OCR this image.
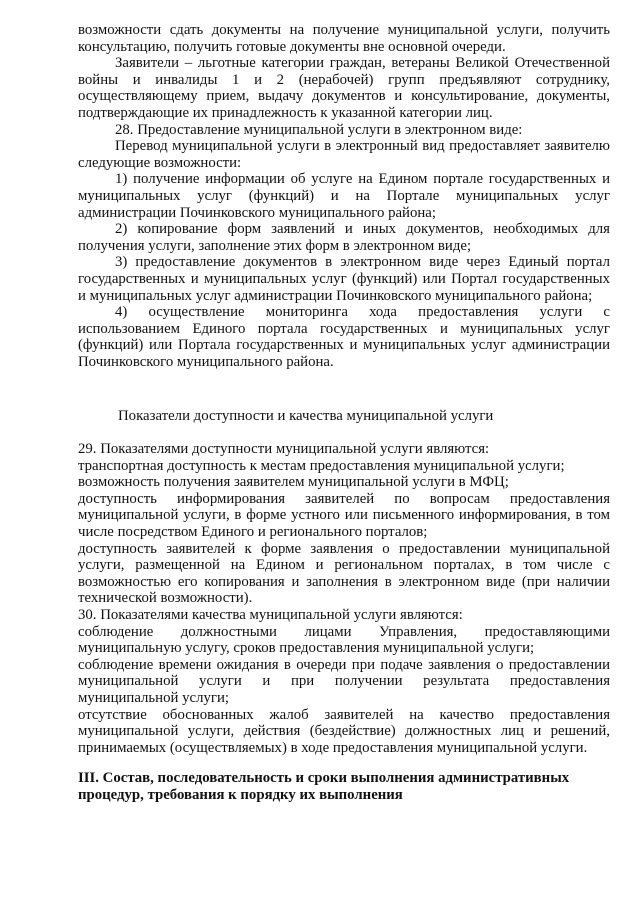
возможности сдать документы на получение муниципальной услуги, получить консультацию, получить готовые документы вне основной очереди.

Заявители – льготные категории граждан, ветераны Великой Отечественной войны и инвалиды 1 и 2 (нерабочей) групп предъявляют сотруднику, осуществляющему прием, выдачу документов и консультирование, документы, подтверждающие их принадлежность к указанной категории лиц.

28. Предоставление муниципальной услуги в электронном виде:

Перевод муниципальной услуги в электронный вид предоставляет заявителю следующие возможности:

1) получение информации об услуге на Едином портале государственных и муниципальных услуг (функций) и на Портале муниципальных услуг администрации Починковского муниципального района;

2) копирование форм заявлений и иных документов, необходимых для получения услуги, заполнение этих форм в электронном виде;

3) предоставление документов в электронном виде через Единый портал государственных и муниципальных услуг (функций) или Портал государственных и муниципальных услуг администрации Починковского муниципального района;

4) осуществление мониторинга хода предоставления услуги с использованием Единого портала государственных и муниципальных услуг (функций) или Портала государственных и муниципальных услуг администрации Починковского муниципального района.

Показатели доступности и качества муниципальной услуги

29. Показателями доступности муниципальной услуги являются:

транспортная доступность к местам предоставления муниципальной услуги;

возможность получения заявителем муниципальной услуги в МФЦ;

доступность информирования заявителей по вопросам предоставления муниципальной услуги, в форме устного или письменного информирования, в том числе посредством Единого и регионального порталов;

доступность заявителей к форме заявления о предоставлении муниципальной услуги, размещенной на Едином и региональном порталах, в том числе с возможностью его копирования и заполнения в электронном виде (при наличии технической возможности).

30. Показателями качества муниципальной услуги являются:

соблюдение должностными лицами Управления, предоставляющими муниципальную услугу, сроков предоставления муниципальной услуги;

соблюдение времени ожидания в очереди при подаче заявления о предоставлении муниципальной услуги и при получении результата предоставления муниципальной услуги;

отсутствие обоснованных жалоб заявителей на качество предоставления муниципальной услуги, действия (бездействие) должностных лиц и решений, принимаемых (осуществляемых) в ходе предоставления муниципальной услуги.

III. Состав, последовательность и сроки выполнения административных процедур, требования к порядку их выполнения
